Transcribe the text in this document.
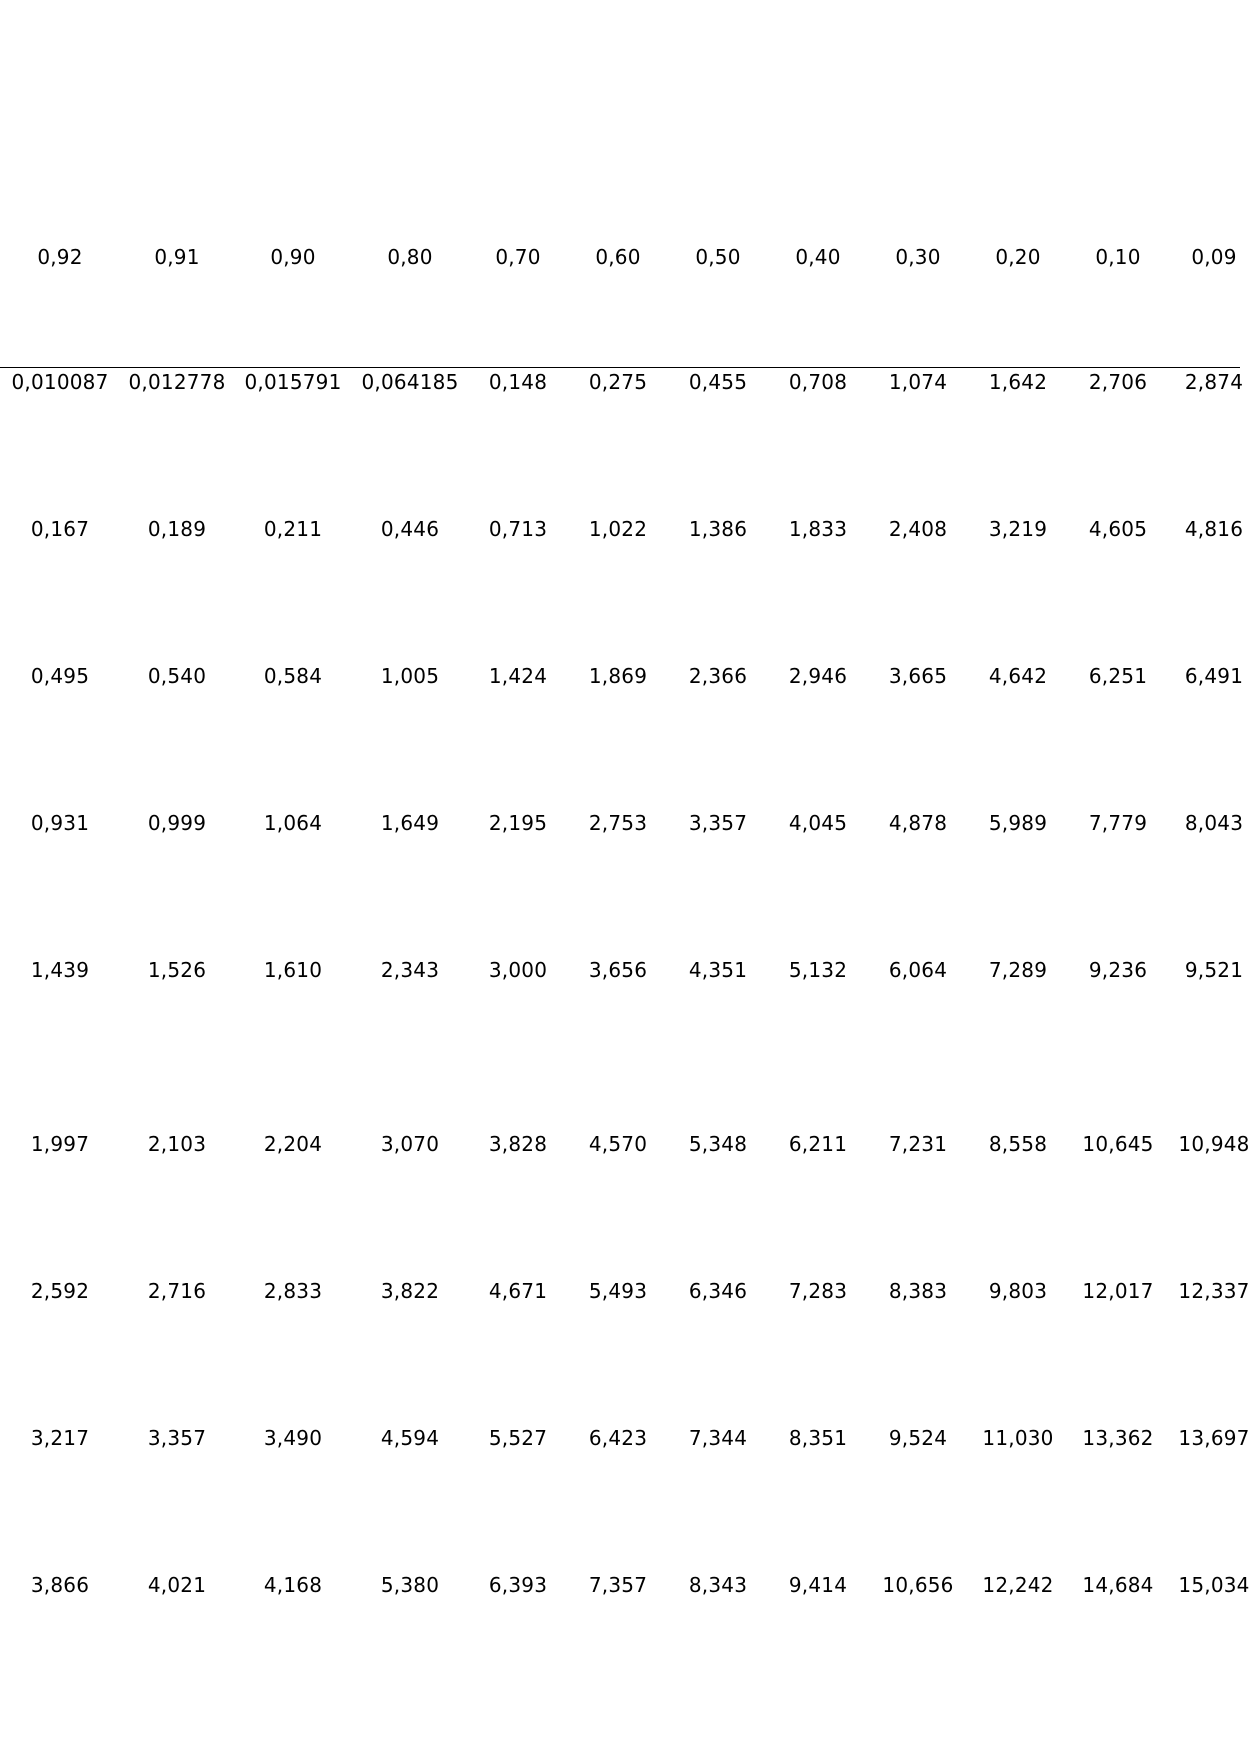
0,92	0,91	0,90	0,80	0,70	0,60	0,50	0,40	0,30	0,20	0,10	0,09
0,010087 0,012778 0,015791 0,064185 0,148 0,275 0,455 0,708 1,074 1,642 2,706 2,874
0,167	0,189	0,211	0,446 0,713 1,022 1,386 1,833 2,408 3,219 4,605 4,816
0,495	0,540	0,584	1,005 1,424 1,869 2,366 2,946 3,665 4,642 6,251 6,491
0,931	0,999	1,064	1,649 2,195 2,753 3,357 4,045 4,878 5,989 7,779 8,043
1,439	1,526	1,610	2,343 3,000 3,656 4,351 5,132 6,064 7,289 9,236 9,521
1,997	2,103	2,204	3,070 3,828 4,570 5,348 6,211 7,231 8,558 10,645 10,948
2,592	2,716	2,833	3,822 4,671 5,493 6,346 7,283 8,383 9,803 12,017 12,337
3,217	3,357	3,490	4,594 5,527 6,423 7,344 8,351 9,524 11,030 13,362 13,697
3,866	4,021	4,168	5,380 6,393 7,357 8,343 9,414 10,656 12,242 14,684 15,034
